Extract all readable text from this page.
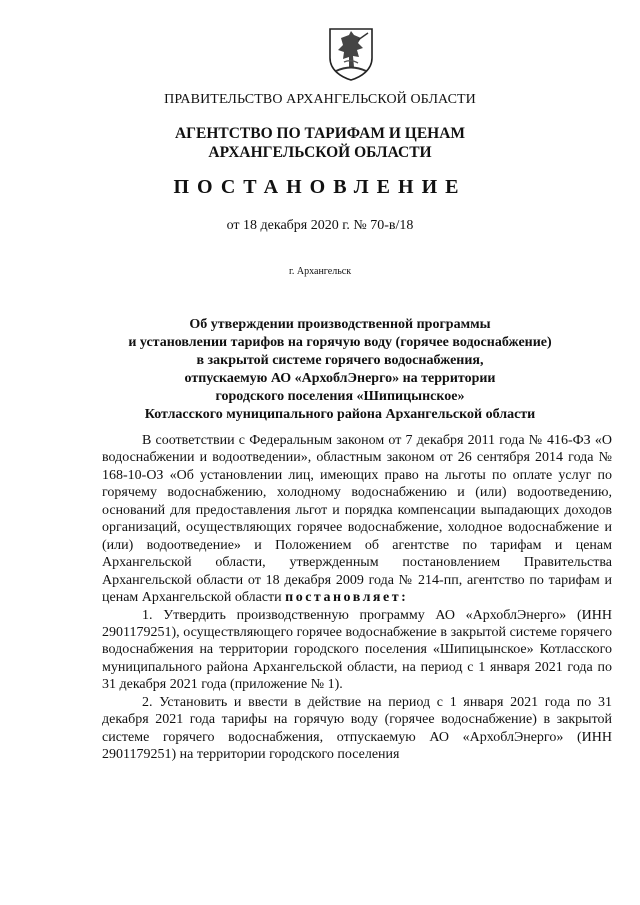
ПРАВИТЕЛЬСТВО АРХАНГЕЛЬСКОЙ ОБЛАСТИ
АГЕНТСТВО ПО ТАРИФАМ И ЦЕНАМ
АРХАНГЕЛЬСКОЙ ОБЛАСТИ
ПОСТАНОВЛЕНИЕ
от 18 декабря 2020 г. № 70-в/18
г. Архангельск
Об утверждении производственной программы
и установлении тарифов на горячую воду (горячее водоснабжение)
в закрытой системе горячего водоснабжения,
отпускаемую АО «АрхоблЭнерго» на территории
городского поселения «Шипицынское»
Котласского муниципального района Архангельской области

В соответствии с Федеральным законом от 7 декабря 2011 года № 416-ФЗ «О водоснабжении и водоотведении», областным законом от 26 сентября 2014 года № 168-10-ОЗ «Об установлении лиц, имеющих право на льготы по оплате услуг по горячему водоснабжению, холодному водоснабжению и (или) водоотведению, оснований для предоставления льгот и порядка компенсации выпадающих доходов организаций, осуществляющих горячее водоснабжение, холодное водоснабжение и (или) водоотведение» и Положением об агентстве по тарифам и ценам Архангельской области, утвержденным постановлением Правительства Архангельской области от 18 декабря 2009 года № 214-пп, агентство по тарифам и ценам Архангельской области постановляет:

1. Утвердить производственную программу АО «АрхоблЭнерго» (ИНН 2901179251), осуществляющего горячее водоснабжение в закрытой системе горячего водоснабжения на территории городского поселения «Шипицынское» Котласского муниципального района Архангельской области, на период с 1 января 2021 года по 31 декабря 2021 года (приложение № 1).

2. Установить и ввести в действие на период с 1 января 2021 года по 31 декабря 2021 года тарифы на горячую воду (горячее водоснабжение) в закрытой системе горячего водоснабжения, отпускаемую АО «АрхоблЭнерго» (ИНН 2901179251) на территории городского поселения
